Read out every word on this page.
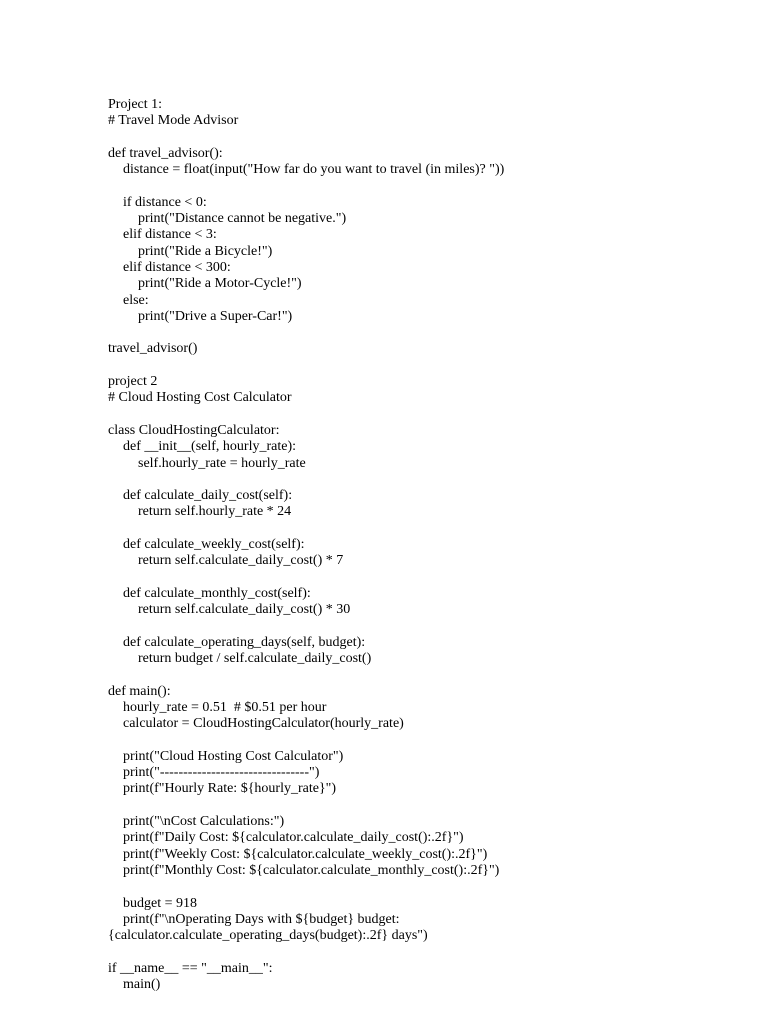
Project 1:
# Travel Mode Advisor
def travel_advisor():
distance = float(input("How far do you want to travel (in miles)? "))
if distance < 0:
print("Distance cannot be negative.")
elif distance < 3:
print("Ride a Bicycle!")
elif distance < 300:
print("Ride a Motor-Cycle!")
else:
print("Drive a Super-Car!")
travel_advisor()
project 2
# Cloud Hosting Cost Calculator
class CloudHostingCalculator:
def __init__(self, hourly_rate):
self.hourly_rate = hourly_rate
def calculate_daily_cost(self):
return self.hourly_rate * 24
def calculate_weekly_cost(self):
return self.calculate_daily_cost() * 7
def calculate_monthly_cost(self):
return self.calculate_daily_cost() * 30
def calculate_operating_days(self, budget):
return budget / self.calculate_daily_cost()
def main():
hourly_rate = 0.51  # $0.51 per hour
calculator = CloudHostingCalculator(hourly_rate)
print("Cloud Hosting Cost Calculator")
print("--------------------------------")
print(f"Hourly Rate: ${hourly_rate}")
print("\nCost Calculations:")
print(f"Daily Cost: ${calculator.calculate_daily_cost():.2f}")
print(f"Weekly Cost: ${calculator.calculate_weekly_cost():.2f}")
print(f"Monthly Cost: ${calculator.calculate_monthly_cost():.2f}")
budget = 918
print(f"\nOperating Days with ${budget} budget:
{calculator.calculate_operating_days(budget):.2f} days")
if __name__ == "__main__":
main()
